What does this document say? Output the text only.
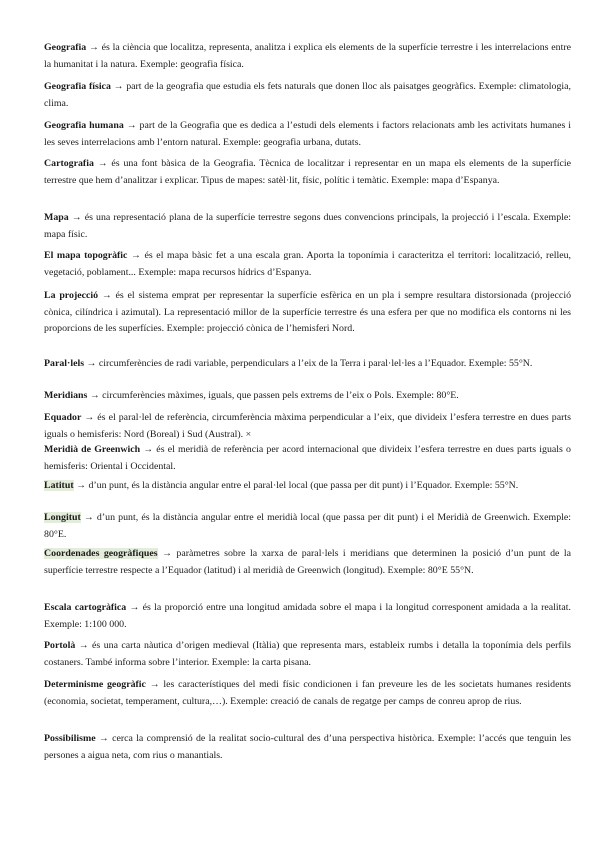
Geografia → és la ciència que localitza, representa, analitza i explica els elements de la superfície terrestre i les interrelacions entre la humanitat i la natura. Exemple: geografia física.

Geografia física → part de la geografia que estudia els fets naturals que donen lloc als paisatges geogràfics. Exemple: climatologia, clima.

Geografia humana → part de la Geografia que es dedica a l’estudi dels elements i factors relacionats amb les activitats humanes i les seves interrelacions amb l’entorn natural. Exemple: geografia urbana, dutats.

Cartografia → és una font bàsica de la Geografia. Tècnica de localitzar i representar en un mapa els elements de la superfície terrestre que hem d’analitzar i explicar. Tipus de mapes: satèl·lit, físic, polític i temàtic. Exemple: mapa d’Espanya.

Mapa → és una representació plana de la superfície terrestre segons dues convencions principals, la projecció i l’escala. Exemple: mapa físic.

El mapa topogràfic → és el mapa bàsic fet a una escala gran. Aporta la toponímia i caracteritza el territori: localització, relleu, vegetació, poblament... Exemple: mapa recursos hídrics d’Espanya.

La projecció → és el sistema emprat per representar la superfície esfèrica en un pla i sempre resultara distorsionada (projecció cònica, cilíndrica i azimutal). La representació millor de la superfície terrestre és una esfera per que no modifica els contorns ni les proporcions de les superfícies. Exemple: projecció cònica de l’hemisferi Nord.

Paral·lels → circumferències de radi variable, perpendiculars a l’eix de la Terra i paral·lel·les a l’Equador. Exemple: 55°N.

Meridians → circumferències màximes, iguals, que passen pels extrems de l’eix o Pols. Exemple: 80°E.

Equador → és el paral·lel de referència, circumferència màxima perpendicular a l’eix, que divideix l’esfera terrestre en dues parts iguals o hemisferis: Nord (Boreal) i Sud (Austral). ×

Meridià de Greenwich → és el meridià de referència per acord internacional que divideix l’esfera terrestre en dues parts iguals o hemisferis: Oriental i Occidental.

Latitut → d’un punt, és la distància angular entre el paral·lel local (que passa per dit punt) i l’Equador. Exemple: 55°N.

Longitut → d’un punt, és la distància angular entre el meridià local (que passa per dit punt) i el Meridià de Greenwich. Exemple: 80°E.

Coordenades geogràfiques → paràmetres sobre la xarxa de paral·lels i meridians que determinen la posició d’un punt de la superfície terrestre respecte a l’Equador (latitud) i al meridià de Greenwich (longitud). Exemple: 80°E 55°N.

Escala cartogràfica → és la proporció entre una longitud amidada sobre el mapa i la longitud corresponent amidada a la realitat. Exemple: 1:100 000.

Portolà → és una carta nàutica d’origen medieval (Itàlia) que representa mars, estableix rumbs i detalla la toponímia dels perfils costaners. També informa sobre l’interior. Exemple: la carta pisana.

Determinisme geogràfic → les característiques del medi físic condicionen i fan preveure les de les societats humanes residents (economia, societat, temperament, cultura,…). Exemple: creació de canals de regatge per camps de conreu aprop de rius.

Possibilisme → cerca la comprensió de la realitat socio-cultural des d’una perspectiva històrica. Exemple: l’accés que tenguin les persones a aigua neta, com rius o manantials.
